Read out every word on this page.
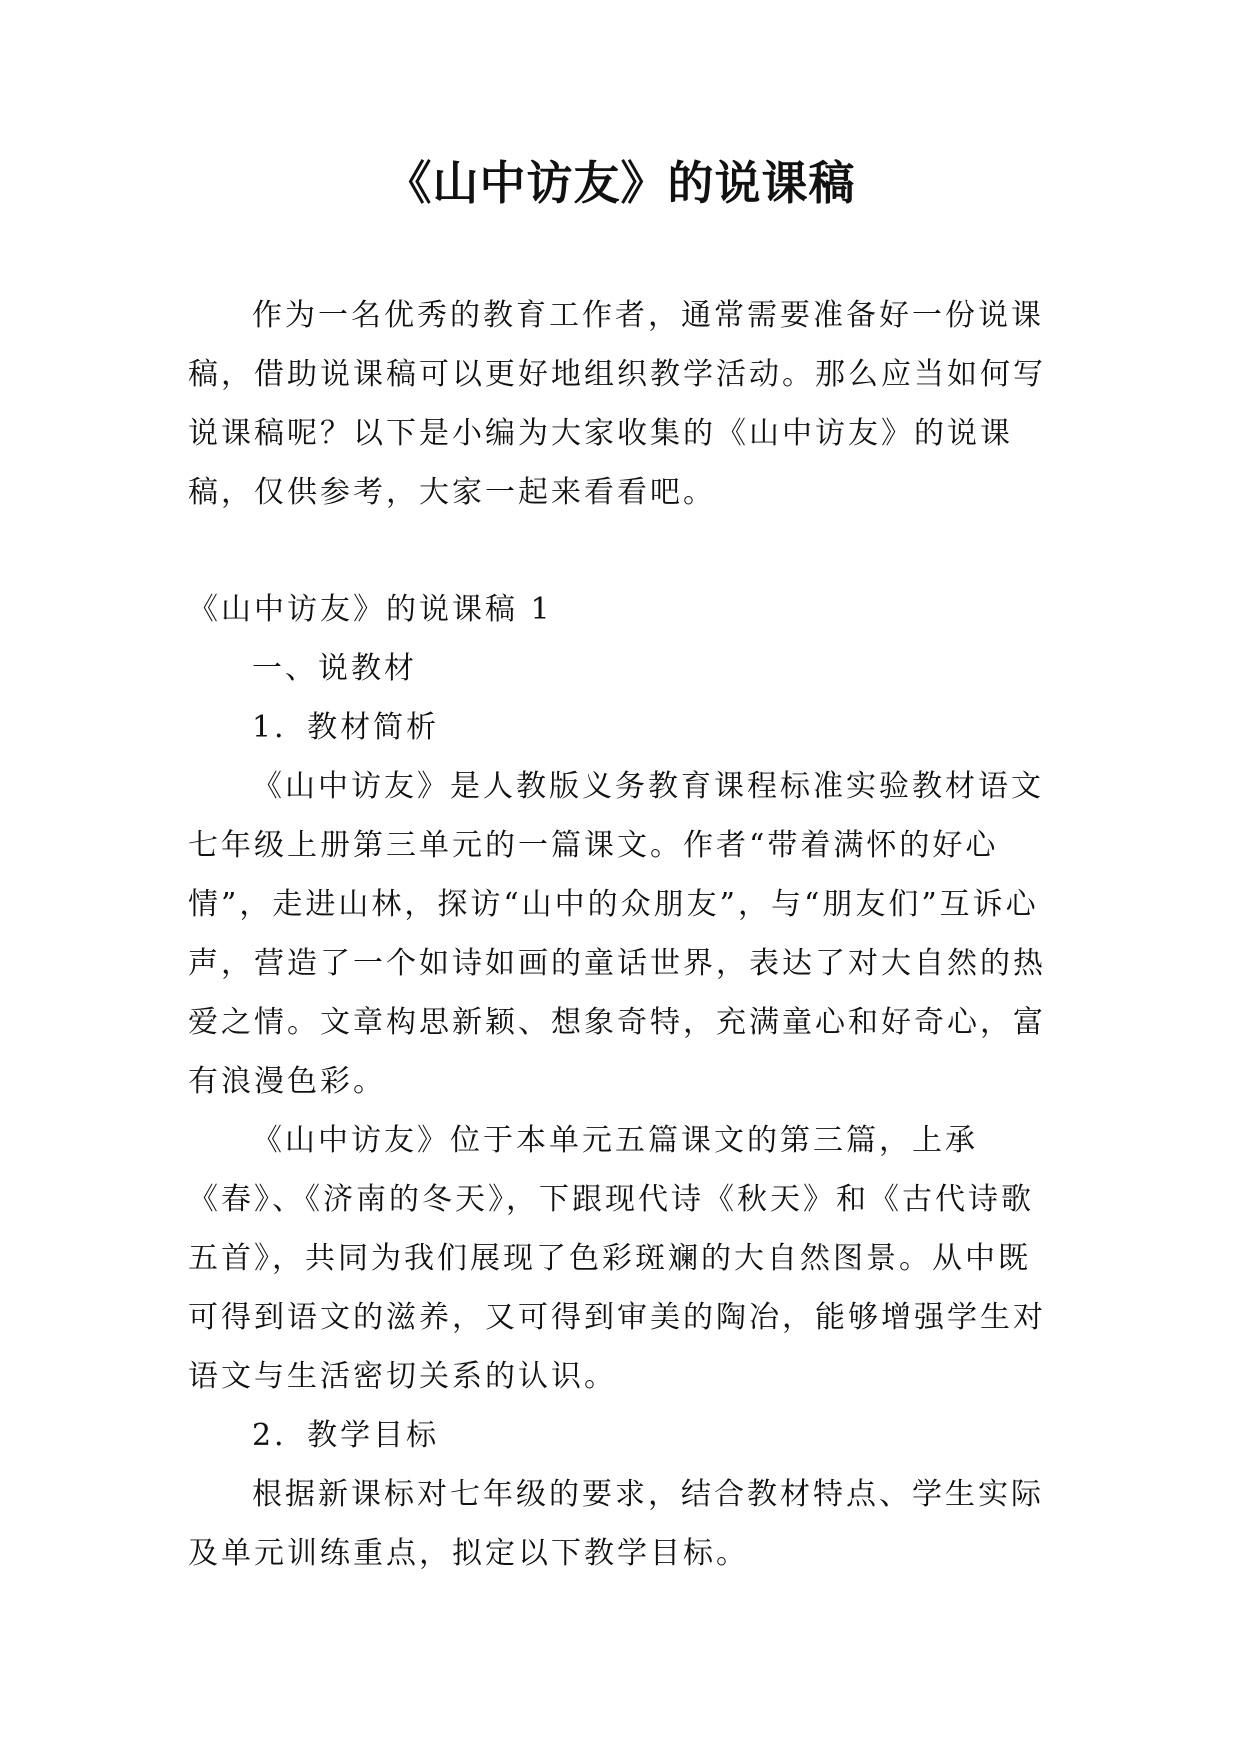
《山中访友》的说课稿

作为一名优秀的教育工作者，通常需要准备好一份说课稿，借助说课稿可以更好地组织教学活动。那么应当如何写说课稿呢？以下是小编为大家收集的《山中访友》的说课稿，仅供参考，大家一起来看看吧。

《山中访友》的说课稿 1

一、说教材

1．教材简析

《山中访友》是人教版义务教育课程标准实验教材语文七年级上册第三单元的一篇课文。作者“带着满怀的好心情”，走进山林，探访“山中的众朋友”，与“朋友们”互诉心声，营造了一个如诗如画的童话世界，表达了对大自然的热爱之情。文章构思新颖、想象奇特，充满童心和好奇心，富有浪漫色彩。

《山中访友》位于本单元五篇课文的第三篇，上承《春》、《济南的冬天》，下跟现代诗《秋天》和《古代诗歌五首》，共同为我们展现了色彩斑斓的大自然图景。从中既可得到语文的滋养，又可得到审美的陶冶，能够增强学生对语文与生活密切关系的认识。

2．教学目标

根据新课标对七年级的要求，结合教材特点、学生实际及单元训练重点，拟定以下教学目标。
